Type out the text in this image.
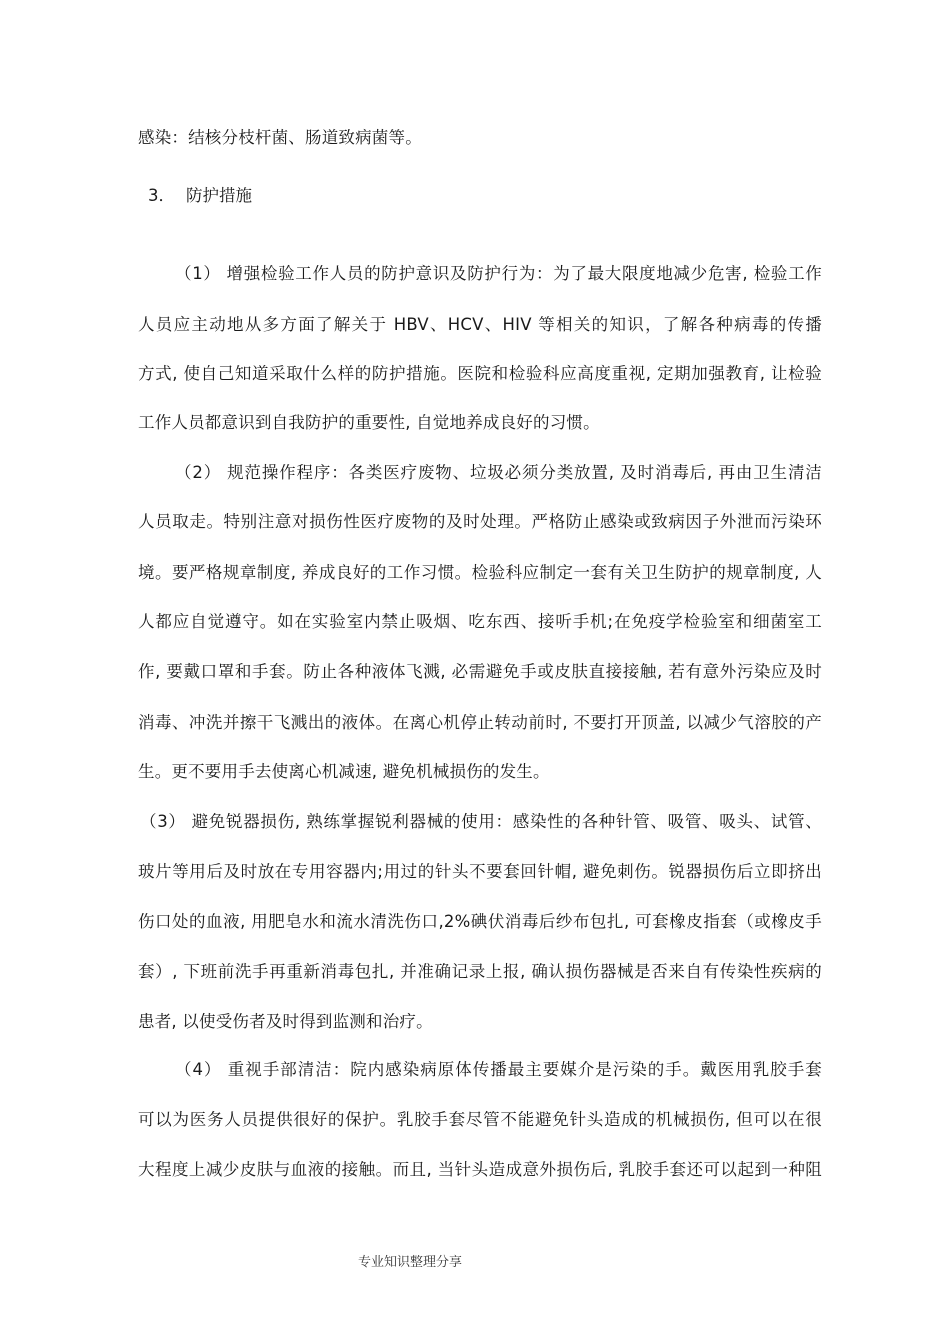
感染：结核分枝杆菌、肠道致病菌等。
3． 防护措施
（1） 增强检验工作人员的防护意识及防护行为：为了最大限度地减少危害, 检验工作
人员应主动地从多方面了解关于 HBV、HCV、HIV 等相关的知识，了解各种病毒的传播
方式, 使自己知道采取什么样的防护措施。医院和检验科应高度重视, 定期加强教育, 让检验
工作人员都意识到自我防护的重要性, 自觉地养成良好的习惯。
（2） 规范操作程序：各类医疗废物、垃圾必须分类放置, 及时消毒后, 再由卫生清洁
人员取走。特别注意对损伤性医疗废物的及时处理。严格防止感染或致病因子外泄而污染环
境。要严格规章制度, 养成良好的工作习惯。检验科应制定一套有关卫生防护的规章制度, 人
人都应自觉遵守。如在实验室内禁止吸烟、吃东西、接听手机;在免疫学检验室和细菌室工
作, 要戴口罩和手套。防止各种液体飞溅, 必需避免手或皮肤直接接触, 若有意外污染应及时
消毒、冲洗并擦干飞溅出的液体。在离心机停止转动前时, 不要打开顶盖, 以减少气溶胶的产
生。更不要用手去使离心机减速, 避免机械损伤的发生。
（3） 避免锐器损伤, 熟练掌握锐利器械的使用：感染性的各种针管、吸管、吸头、试管、
玻片等用后及时放在专用容器内;用过的针头不要套回针帽, 避免刺伤。锐器损伤后立即挤出
伤口处的血液, 用肥皂水和流水清洗伤口,2%碘伏消毒后纱布包扎, 可套橡皮指套（或橡皮手
套）, 下班前洗手再重新消毒包扎, 并准确记录上报, 确认损伤器械是否来自有传染性疾病的
患者, 以使受伤者及时得到监测和治疗。
（4） 重视手部清洁：院内感染病原体传播最主要媒介是污染的手。戴医用乳胶手套
可以为医务人员提供很好的保护。乳胶手套尽管不能避免针头造成的机械损伤, 但可以在很
大程度上减少皮肤与血液的接触。而且, 当针头造成意外损伤后, 乳胶手套还可以起到一种阻
专业知识整理分享
